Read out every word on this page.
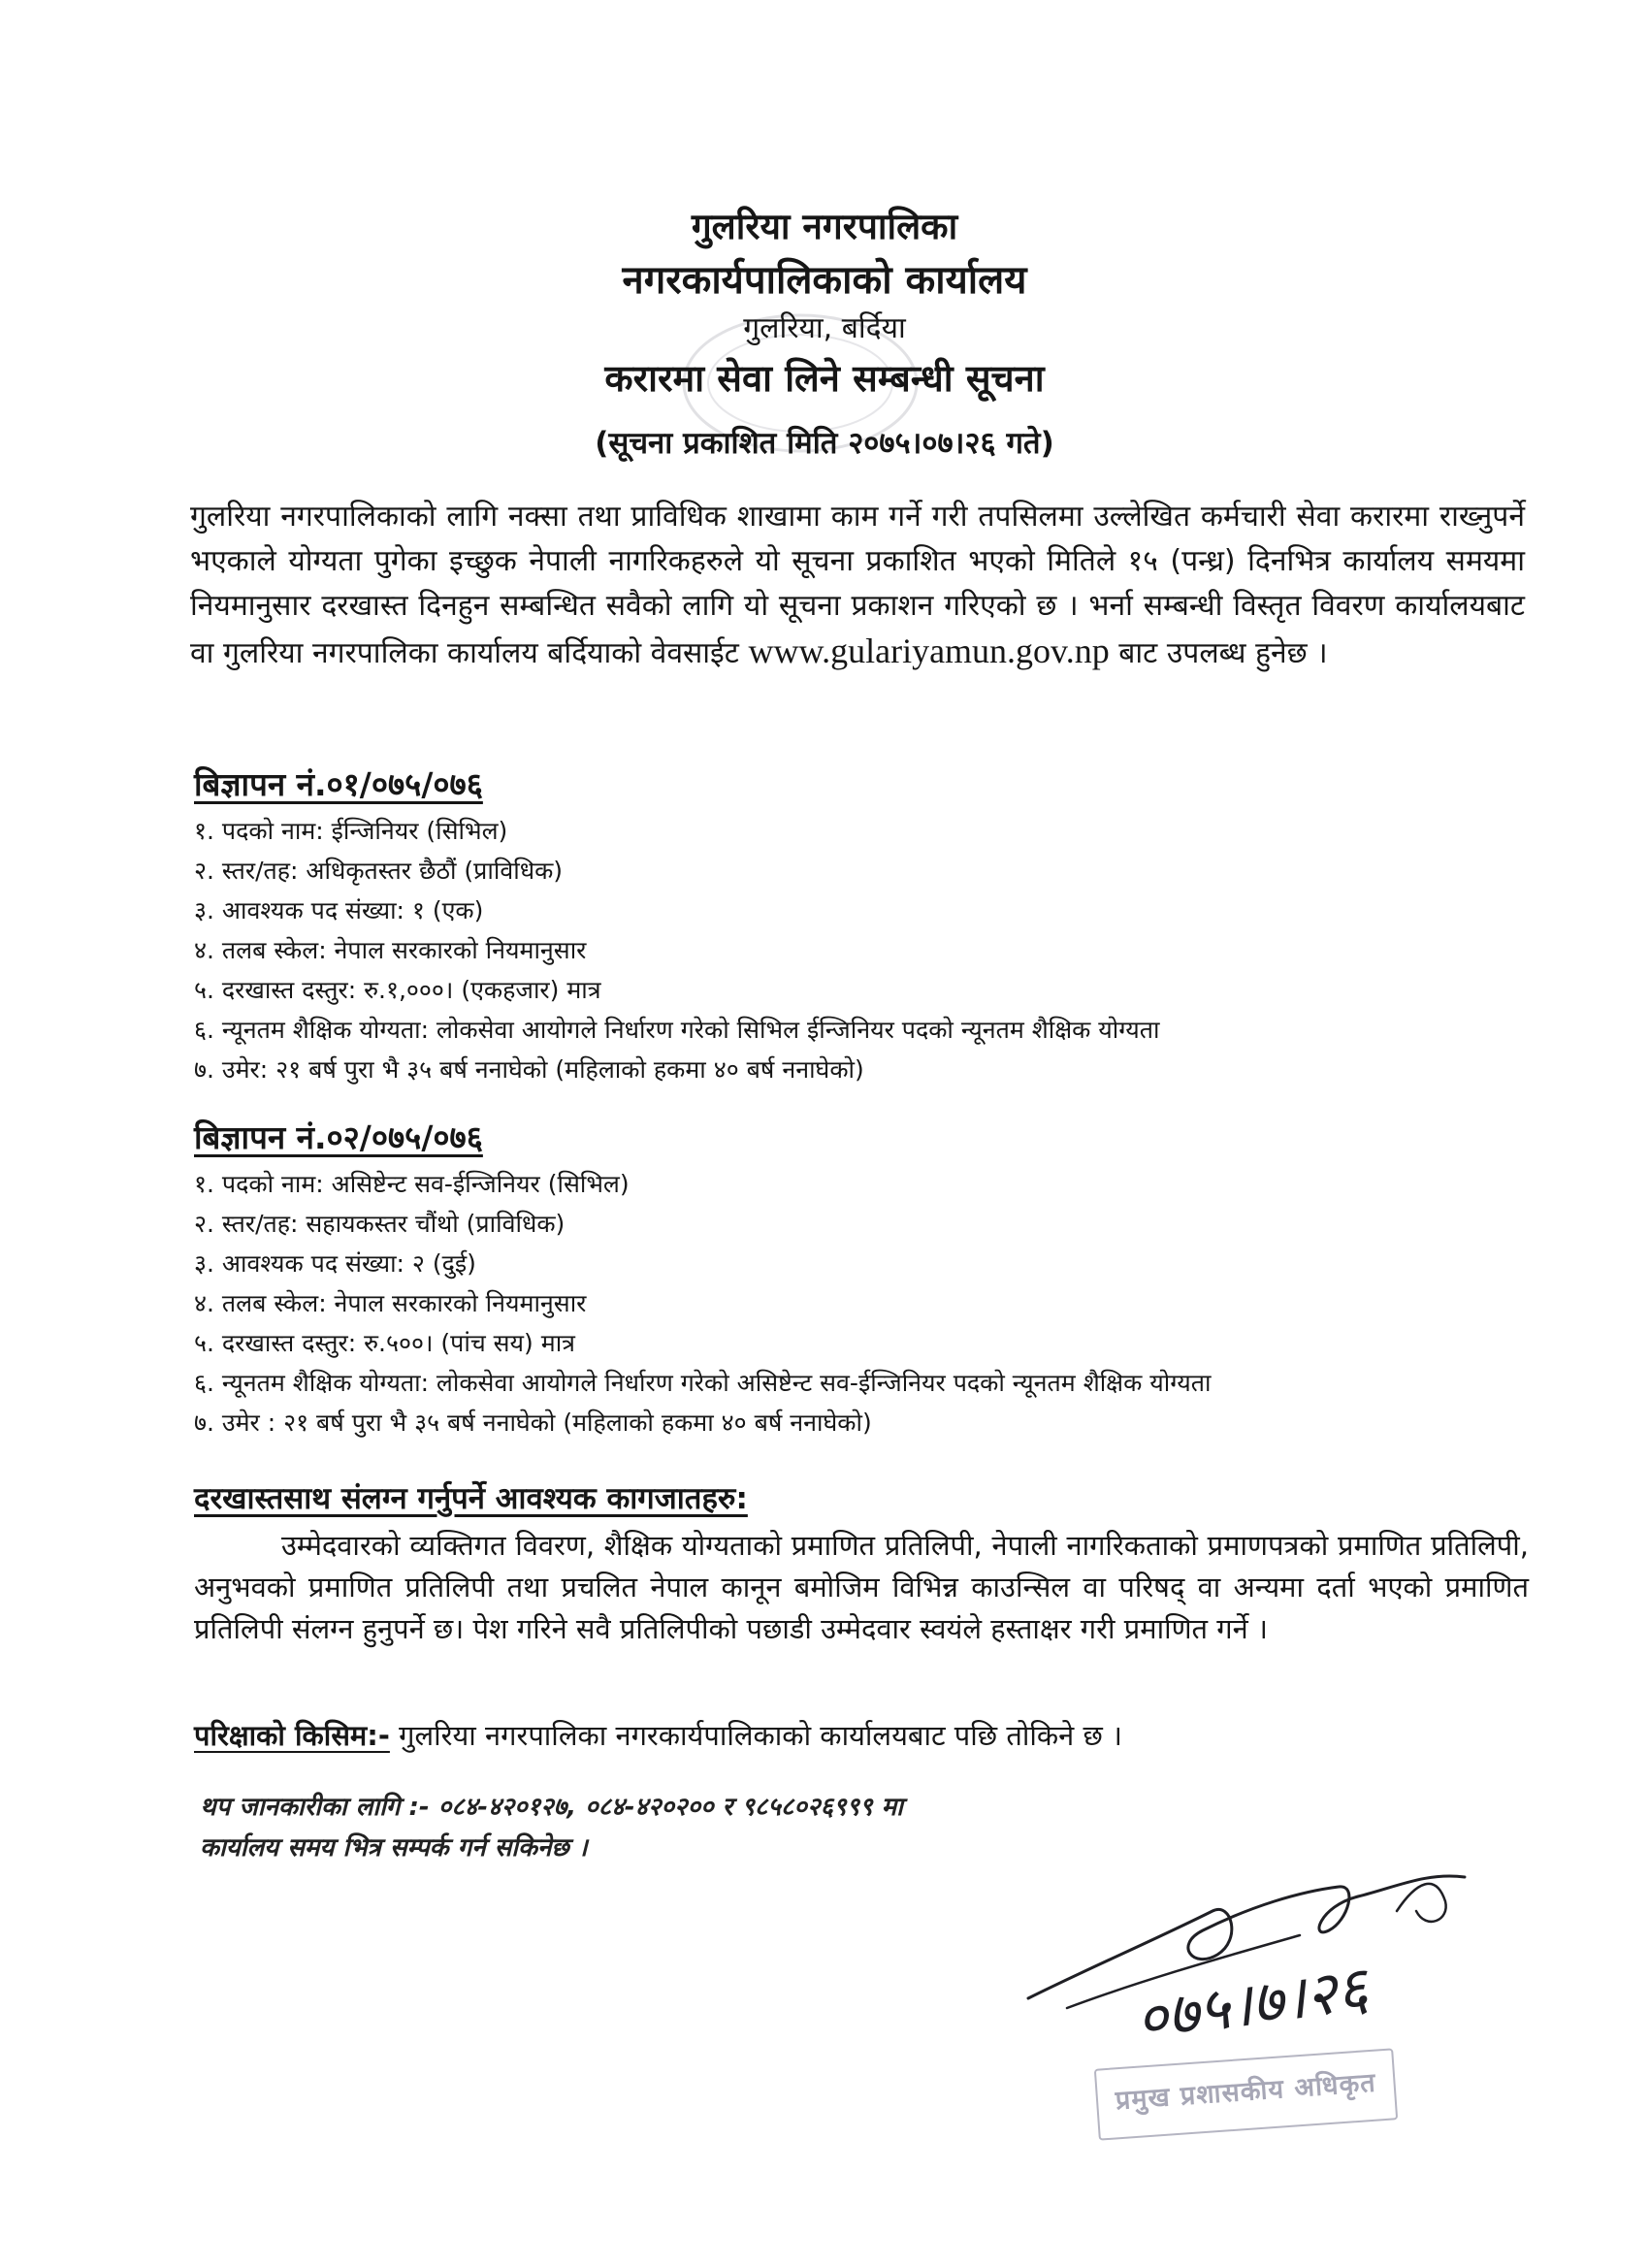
गुलरिया नगरपालिका
नगरकार्यपालिकाको कार्यालय
गुलरिया, बर्दिया
करारमा सेवा लिने सम्बन्धी सूचना
(सूचना प्रकाशित मिति २०७५।०७।२६ गते)
गुलरिया नगरपालिकाको लागि नक्सा तथा प्राविधिक शाखामा काम गर्ने गरी तपसिलमा उल्लेखित कर्मचारी सेवा करारमा राख्नुपर्ने भएकाले योग्यता पुगेका इच्छुक नेपाली नागरिकहरुले यो सूचना प्रकाशित भएको मितिले १५ (पन्ध्र) दिनभित्र कार्यालय समयमा नियमानुसार दरखास्त दिनहुन सम्बन्धित सवैको लागि यो सूचना प्रकाशन गरिएको छ । भर्ना सम्बन्धी विस्तृत विवरण कार्यालयबाट वा गुलरिया नगरपालिका कार्यालय बर्दियाको वेवसाईट www.gulariyamun.gov.np बाट उपलब्ध हुनेछ ।
बिज्ञापन नं.०१/०७५/०७६
१. पदको नाम: ईन्जिनियर (सिभिल)
२. स्तर/तह: अधिकृतस्तर छैठौं (प्राविधिक)
३. आवश्यक पद संख्या: १ (एक)
४. तलब स्केल: नेपाल सरकारको नियमानुसार
५. दरखास्त दस्तुर: रु.१,०००। (एकहजार) मात्र
६. न्यूनतम शैक्षिक योग्यता: लोकसेवा आयोगले निर्धारण गरेको सिभिल ईन्जिनियर पदको न्यूनतम शैक्षिक योग्यता
७. उमेर: २१ बर्ष पुरा भै ३५ बर्ष ननाघेको (महिलाको हकमा ४० बर्ष ननाघेको)
बिज्ञापन नं.०२/०७५/०७६
१. पदको नाम: असिष्टेन्ट सव-ईन्जिनियर (सिभिल)
२. स्तर/तह: सहायकस्तर चौंथो (प्राविधिक)
३. आवश्यक पद संख्या: २ (दुई)
४. तलब स्केल: नेपाल सरकारको नियमानुसार
५. दरखास्त दस्तुर: रु.५००। (पांच सय) मात्र
६. न्यूनतम शैक्षिक योग्यता: लोकसेवा आयोगले निर्धारण गरेको असिष्टेन्ट सव-ईन्जिनियर पदको न्यूनतम शैक्षिक योग्यता
७. उमेर : २१ बर्ष पुरा भै ३५ बर्ष ननाघेको (महिलाको हकमा ४० बर्ष ननाघेको)
दरखास्तसाथ संलग्न गर्नुपर्ने आवश्यक कागजातहरु:
उम्मेदवारको व्यक्तिगत विवरण, शैक्षिक योग्यताको प्रमाणित प्रतिलिपी, नेपाली नागरिकताको प्रमाणपत्रको प्रमाणित प्रतिलिपी, अनुभवको प्रमाणित प्रतिलिपी तथा प्रचलित नेपाल कानून बमोजिम विभिन्न काउन्सिल वा परिषद् वा अन्यमा दर्ता भएको प्रमाणित प्रतिलिपी संलग्न हुनुपर्ने छ। पेश गरिने सवै प्रतिलिपीको पछाडी उम्मेदवार स्वयंले हस्ताक्षर गरी प्रमाणित गर्ने ।
परिक्षाको किसिम:- गुलरिया नगरपालिका नगरकार्यपालिकाको कार्यालयबाट पछि तोकिने छ ।
थप जानकारीका लागि :- ०८४-४२०१२७, ०८४-४२०२०० र ९८५८०२६९९९ मा
कार्यालय समय भित्र सम्पर्क गर्न सकिनेछ ।
०७५।७।२६
प्रमुख प्रशासकीय अधिकृत
